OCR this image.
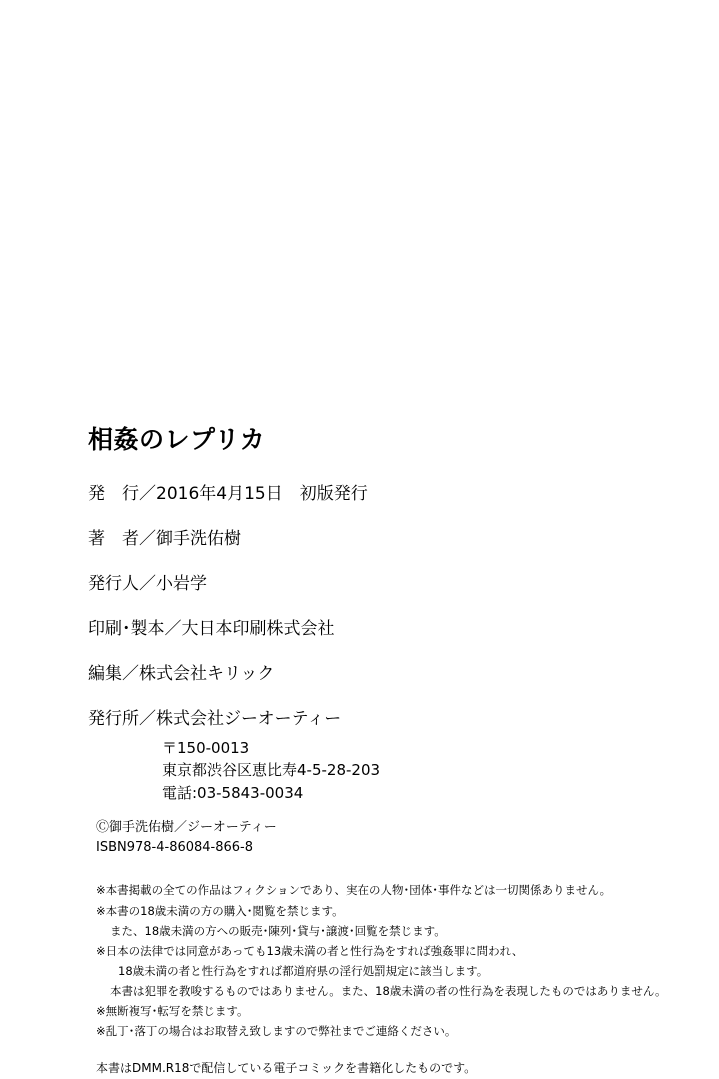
相姦のレプリカ
発　行／2016年4月15日　初版発行
著　者／御手洗佑樹
発行人／小岩学
印刷･製本／大日本印刷株式会社
編集／株式会社キリック
発行所／株式会社ジーオーティー
〒150-0013
東京都渋谷区恵比寿4-5-28-203
電話:03-5843-0034
Ⓒ御手洗佑樹／ジーオーティー
ISBN978-4-86084-866-8
※本書掲載の全ての作品はフィクションであり、実在の人物･団体･事件などは一切関係ありません。
※本書の18歳未満の方の購入･閲覧を禁じます。
また、18歳未満の方への販売･陳列･貸与･譲渡･回覧を禁じます。
※日本の法律では同意があっても13歳未満の者と性行為をすれば強姦罪に問われ、
18歳未満の者と性行為をすれば都道府県の淫行処罰規定に該当します。
本書は犯罪を教唆するものではありません。また、18歳未満の者の性行為を表現したものではありません。
※無断複写･転写を禁じます。
※乱丁･落丁の場合はお取替え致しますので弊社までご連絡ください。

本書はDMM.R18で配信している電子コミックを書籍化したものです。
